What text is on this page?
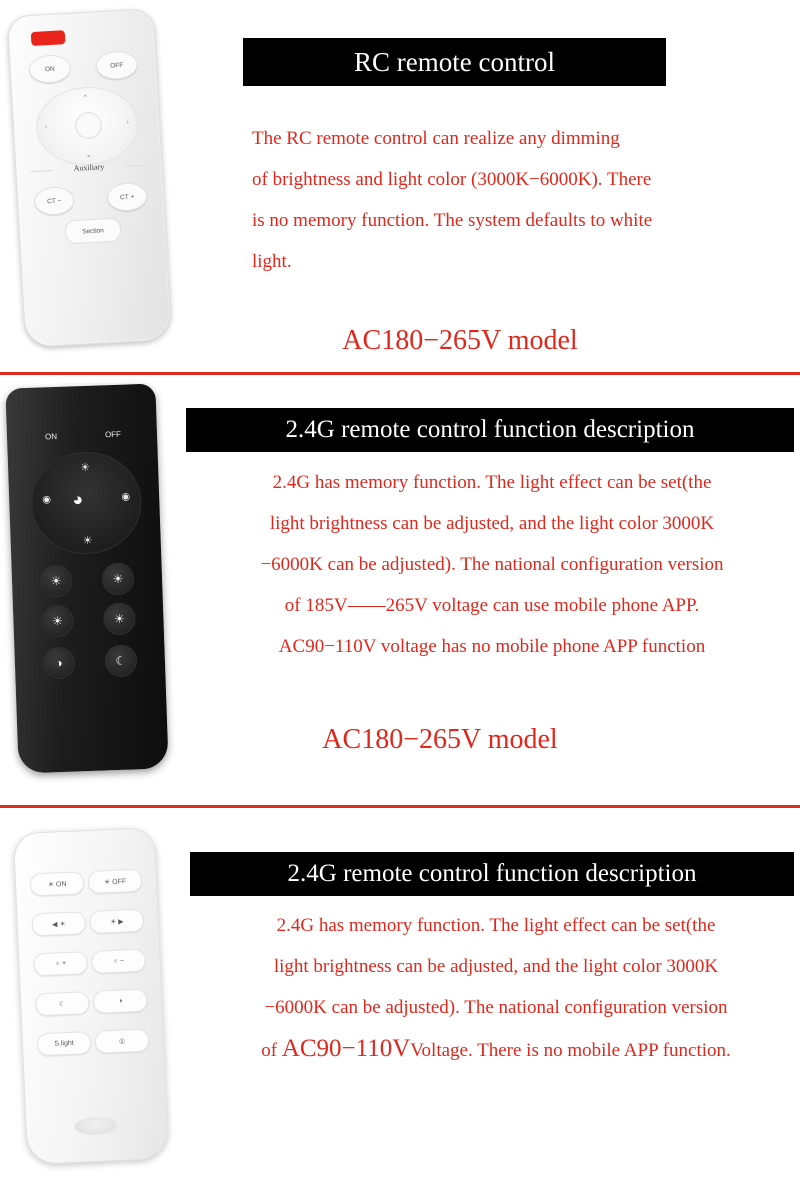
ON	OFF
⌃
⌄
‹
›
Auxiliary
CT −
CT +
Section
RC remote control
The RC remote control can realize any dimming
of brightness and light color (3000K−6000K). There
is no memory function. The system defaults to white
light.
AC180−265V model
ON	OFF
☀
☀
◉	◉
◕
☀	☀
☀	☀
◑	☾
2.4G remote control function description
2.4G has memory function. The light effect can be set(the
light brightness can be adjusted, and the light color 3000K
−6000K can be adjusted). The national configuration version
of 185V——265V voltage can use mobile phone APP.
AC90−110V voltage has no mobile phone APP function
AC180−265V model
☀ ON	☀ OFF
◀ ☀	☀ ▶
♁ +	♁ −
☾	◑
S.light	①
2.4G remote control function description
2.4G has memory function. The light effect can be set(the
light brightness can be adjusted, and the light color 3000K
−6000K can be adjusted). The national configuration version
of AC90−110VVoltage. There is no mobile APP function.
